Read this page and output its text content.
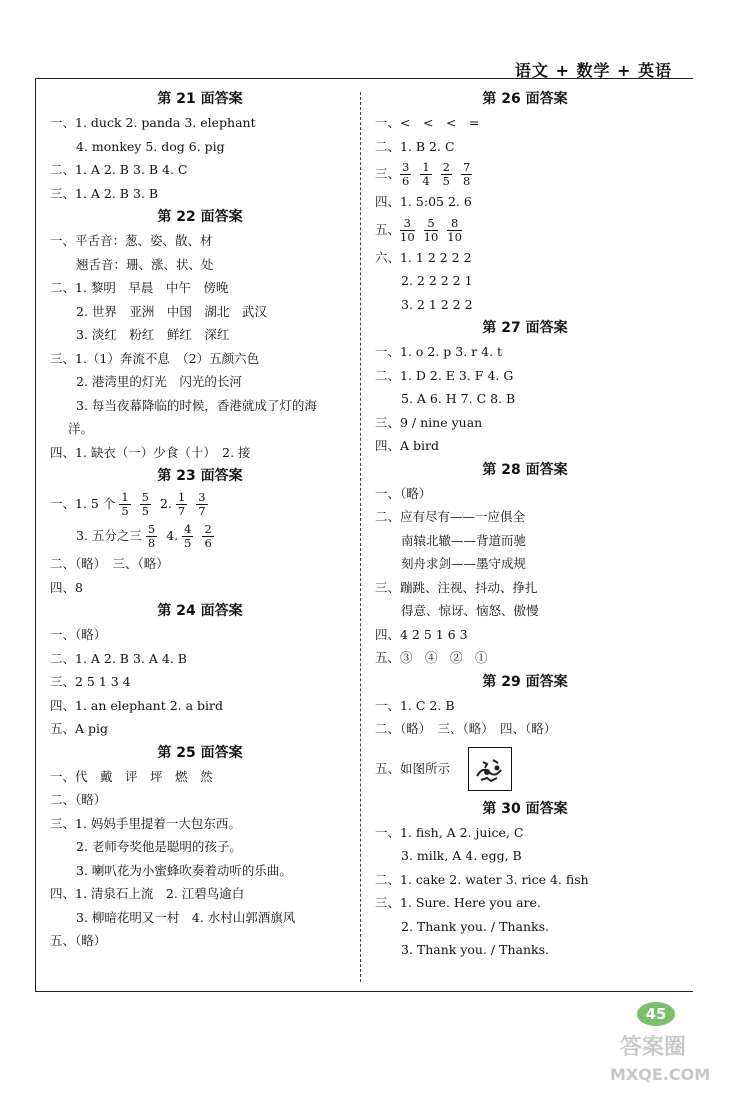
语文 + 数学 + 英语
第 21 面答案
一、1. duck 2. panda 3. elephant
4. monkey 5. dog 6. pig
二、1. A 2. B 3. B 4. C
三、1. A 2. B 3. B
第 22 面答案
一、平舌音：葱、姿、散、材
翘舌音：珊、涨、状、处
二、1. 黎明　早晨　中午　傍晚
2. 世界　亚洲　中国　湖北　武汉
3. 淡红　粉红　鲜红　深红
三、1.（1）奔流不息　（2）五颜六色
2. 港湾里的灯光　闪光的长河
3. 每当夜幕降临的时候，香港就成了灯的海
洋。
四、1. 缺衣（一）少食（十）　2. 接
第 23 面答案
一、1. 5 个 $\frac{1}{5} \frac{5}{5} 2$. $\frac{1}{7} \frac{3}{7}$
3. 五分之三 $\frac{5}{8} 4$. $\frac{4}{5} \frac{2}{6}$
二、（略）　三、（略）
四、8
第 24 面答案
一、（略）
二、1. A 2. B 3. A 4. B
三、2 5 1 3 4
四、1. an elephant 2. a bird
五、A pig
第 25 面答案
一、代　戴　评　坪　燃　然
二、（略）
三、1. 妈妈手里提着一大包东西。
2. 老师夸奖他是聪明的孩子。
3. 喇叭花为小蜜蜂吹奏着动听的乐曲。
四、1. 清泉石上流　2. 江碧鸟逾白
3. 柳暗花明又一村　4. 水村山郭酒旗风
五、（略）
第 26 面答案
一、<　<　<　=
二、1. B 2. C
三、 $\frac{3}{6} \frac{1}{4} \frac{2}{5} \frac{7}{8}$
四、1. 5:05 2. 6
五、 $\frac{3}{10} \frac{5}{10} \frac{8}{10}$
六、1. 1 2 2 2 2
2. 2 2 2 2 1
3. 2 1 2 2 2
第 27 面答案
一、1. o 2. p 3. r 4. t
二、1. D 2. E 3. F 4. G
5. A 6. H 7. C 8. B
三、9 / nine yuan
四、A bird
第 28 面答案
一、（略）
二、应有尽有——一应俱全
南辕北辙——背道而驰
刻舟求剑——墨守成规
三、蹦跳、注视、抖动、挣扎
得意、惊讶、恼怒、傲慢
四、4 2 5 1 6 3
五、③　④　②　①
第 29 面答案
一、1. C 2. B
二、（略）　三、（略）　四、（略）
五、如图所示
第 30 面答案
一、1. fish, A 2. juice, C
3. milk, A 4. egg, B
二、1. cake 2. water 3. rice 4. fish
三、1. Sure. Here you are.
2. Thank you. / Thanks.
3. Thank you. / Thanks.
45
答案圈
MXQE.COM
